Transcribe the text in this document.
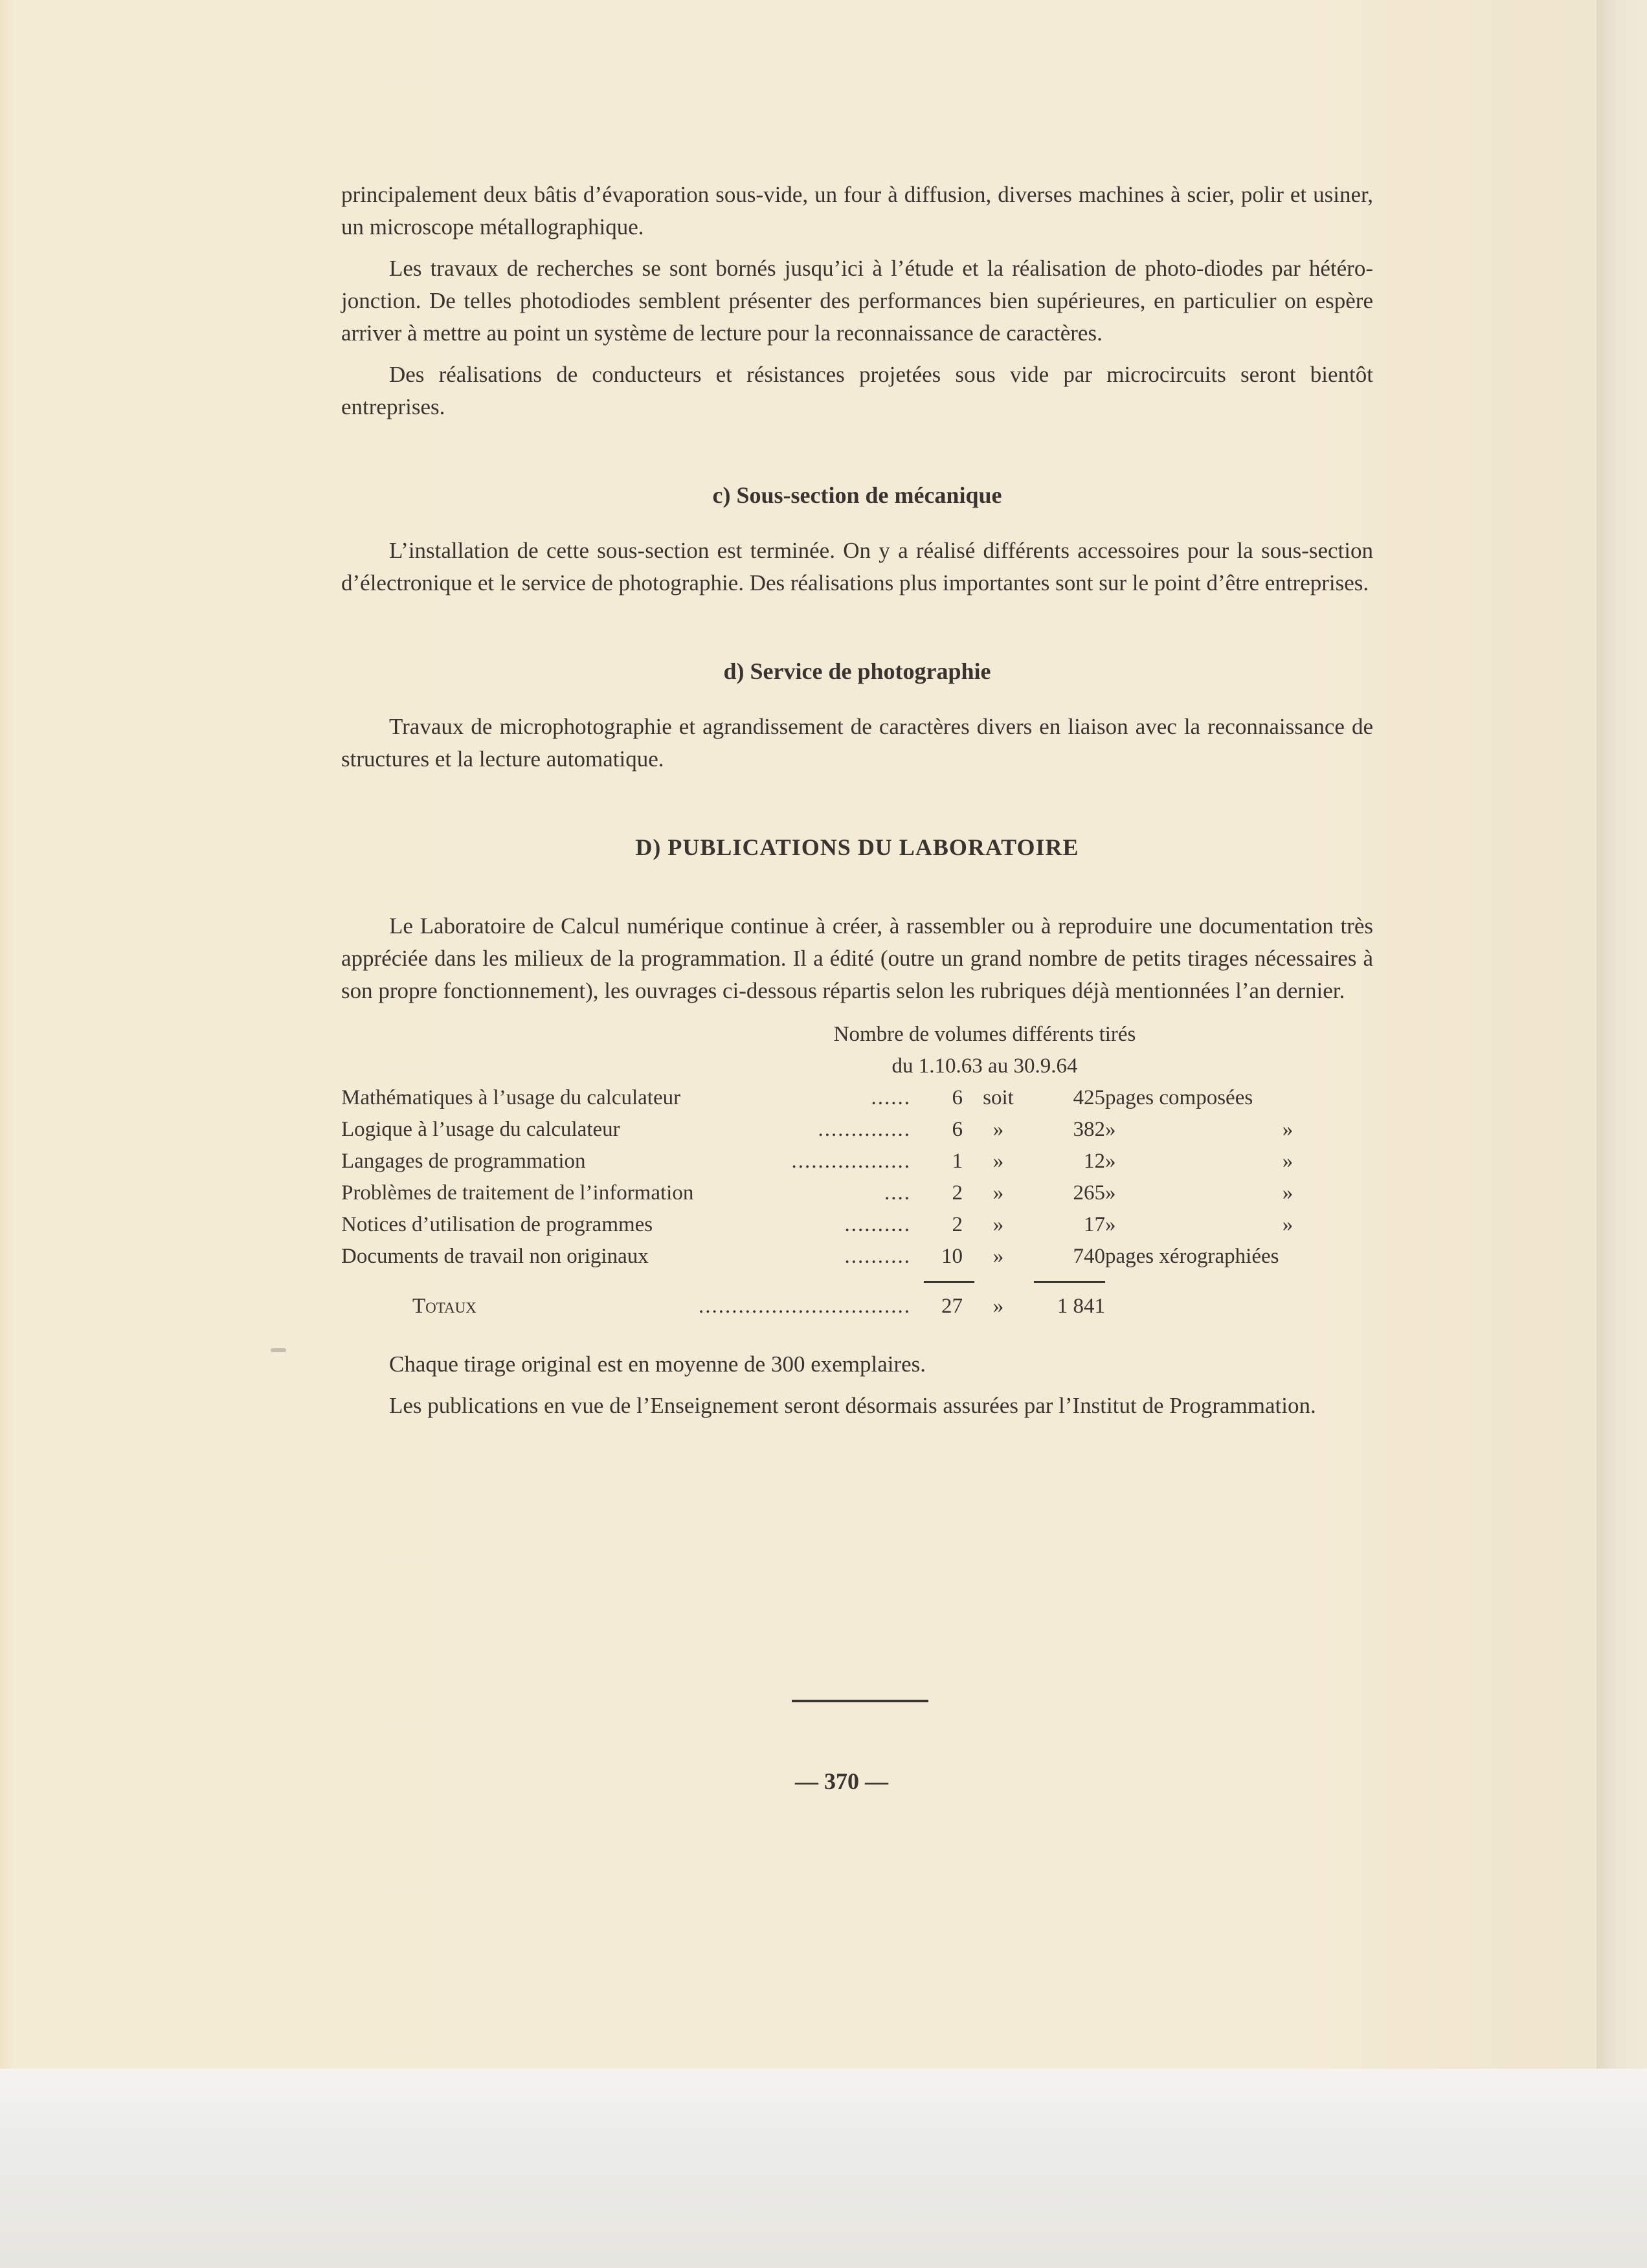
principalement deux bâtis d’évaporation sous-vide, un four à diffusion, diverses machines à scier, polir et usiner, un microscope métallographique.

Les travaux de recherches se sont bornés jusqu’ici à l’étude et la réalisation de photo-diodes par hétéro-jonction. De telles photodiodes semblent présenter des performances bien supérieures, en particulier on espère arriver à mettre au point un système de lecture pour la reconnaissance de caractères.

Des réalisations de conducteurs et résistances projetées sous vide par microcircuits seront bientôt entreprises.

c) Sous-section de mécanique

L’installation de cette sous-section est terminée. On y a réalisé différents accessoires pour la sous-section d’électronique et le service de photographie. Des réalisations plus importantes sont sur le point d’être entreprises.

d) Service de photographie

Travaux de microphotographie et agrandissement de caractères divers en liaison avec la reconnaissance de structures et la lecture automatique.

D) PUBLICATIONS DU LABORATOIRE

Le Laboratoire de Calcul numérique continue à créer, à rassembler ou à reproduire une documentation très appréciée dans les milieux de la programmation. Il a édité (outre un grand nombre de petits tirages nécessaires à son propre fonctionnement), les ouvrages ci-dessous répartis selon les rubriques déjà mentionnées l’an dernier.

Nombre de volumes différents tirés
du 1.10.63 au 30.9.64
Mathématiques à l’usage du calculateur ......	6	soit	425	pages composées	

Logique à l’usage du calculateur ..............	6	»	382	»	»

Langages de programmation ..................	1	»	12	»	»

Problèmes de traitement de l’information ....	2	»	265	»	»

Notices d’utilisation de programmes ..........	2	»	17	»	»

Documents de travail non originaux ..........	10	»	740	pages xérographiées	

Totaux ................................	27	»	1 841		

Chaque tirage original est en moyenne de 300 exemplaires.

Les publications en vue de l’Enseignement seront désormais assurées par l’Institut de Programmation.

— 370 —
